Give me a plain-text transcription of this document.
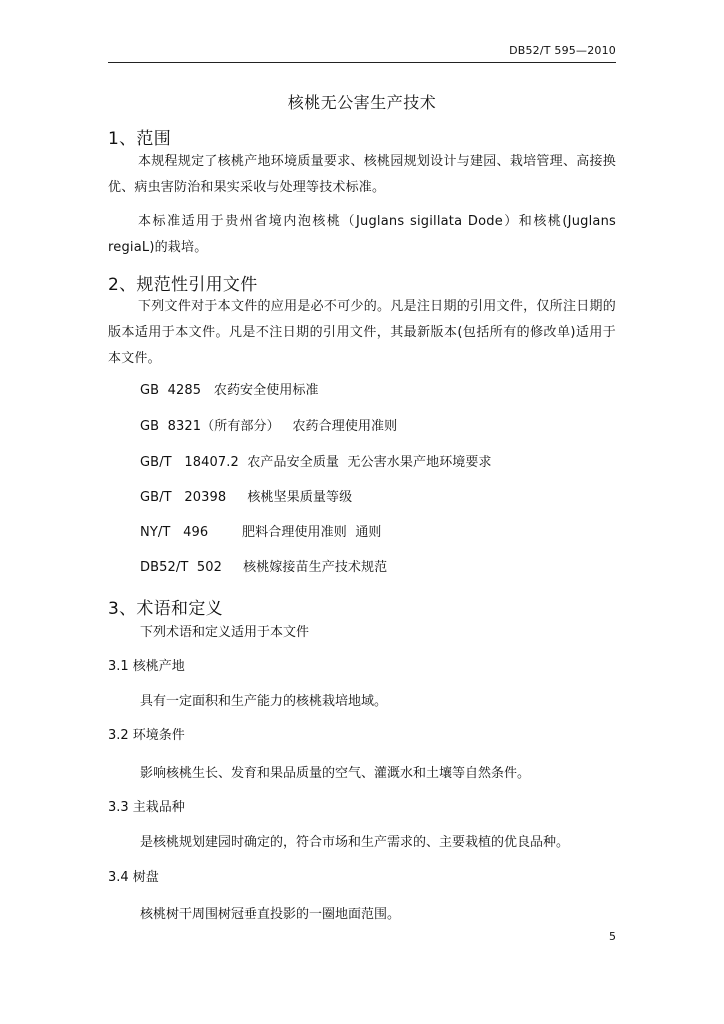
DB52/T 595—2010
核桃无公害生产技术
1、范围
本规程规定了核桃产地环境质量要求、核桃园规划设计与建园、栽培管理、高接换优、病虫害防治和果实采收与处理等技术标准。
本标准适用于贵州省境内泡核桃（Juglans sigillata Dode）和核桃(Juglans regiaL)的栽培。
2、规范性引用文件
下列文件对于本文件的应用是必不可少的。凡是注日期的引用文件，仅所注日期的版本适用于本文件。凡是不注日期的引用文件，其最新版本(包括所有的修改单)适用于本文件。
GB  4285   农药安全使用标准
GB  8321（所有部分）   农药合理使用准则
GB/T   18407.2  农产品安全质量  无公害水果产地环境要求
GB/T   20398     核桃坚果质量等级
NY/T   496        肥料合理使用准则  通则
DB52/T  502     核桃嫁接苗生产技术规范
3、术语和定义
下列术语和定义适用于本文件
3.1 核桃产地
具有一定面积和生产能力的核桃栽培地域。
3.2 环境条件
影响核桃生长、发育和果品质量的空气、灌溉水和土壤等自然条件。
3.3 主栽品种
是核桃规划建园时确定的，符合市场和生产需求的、主要栽植的优良品种。
3.4 树盘
核桃树干周围树冠垂直投影的一圈地面范围。
5
